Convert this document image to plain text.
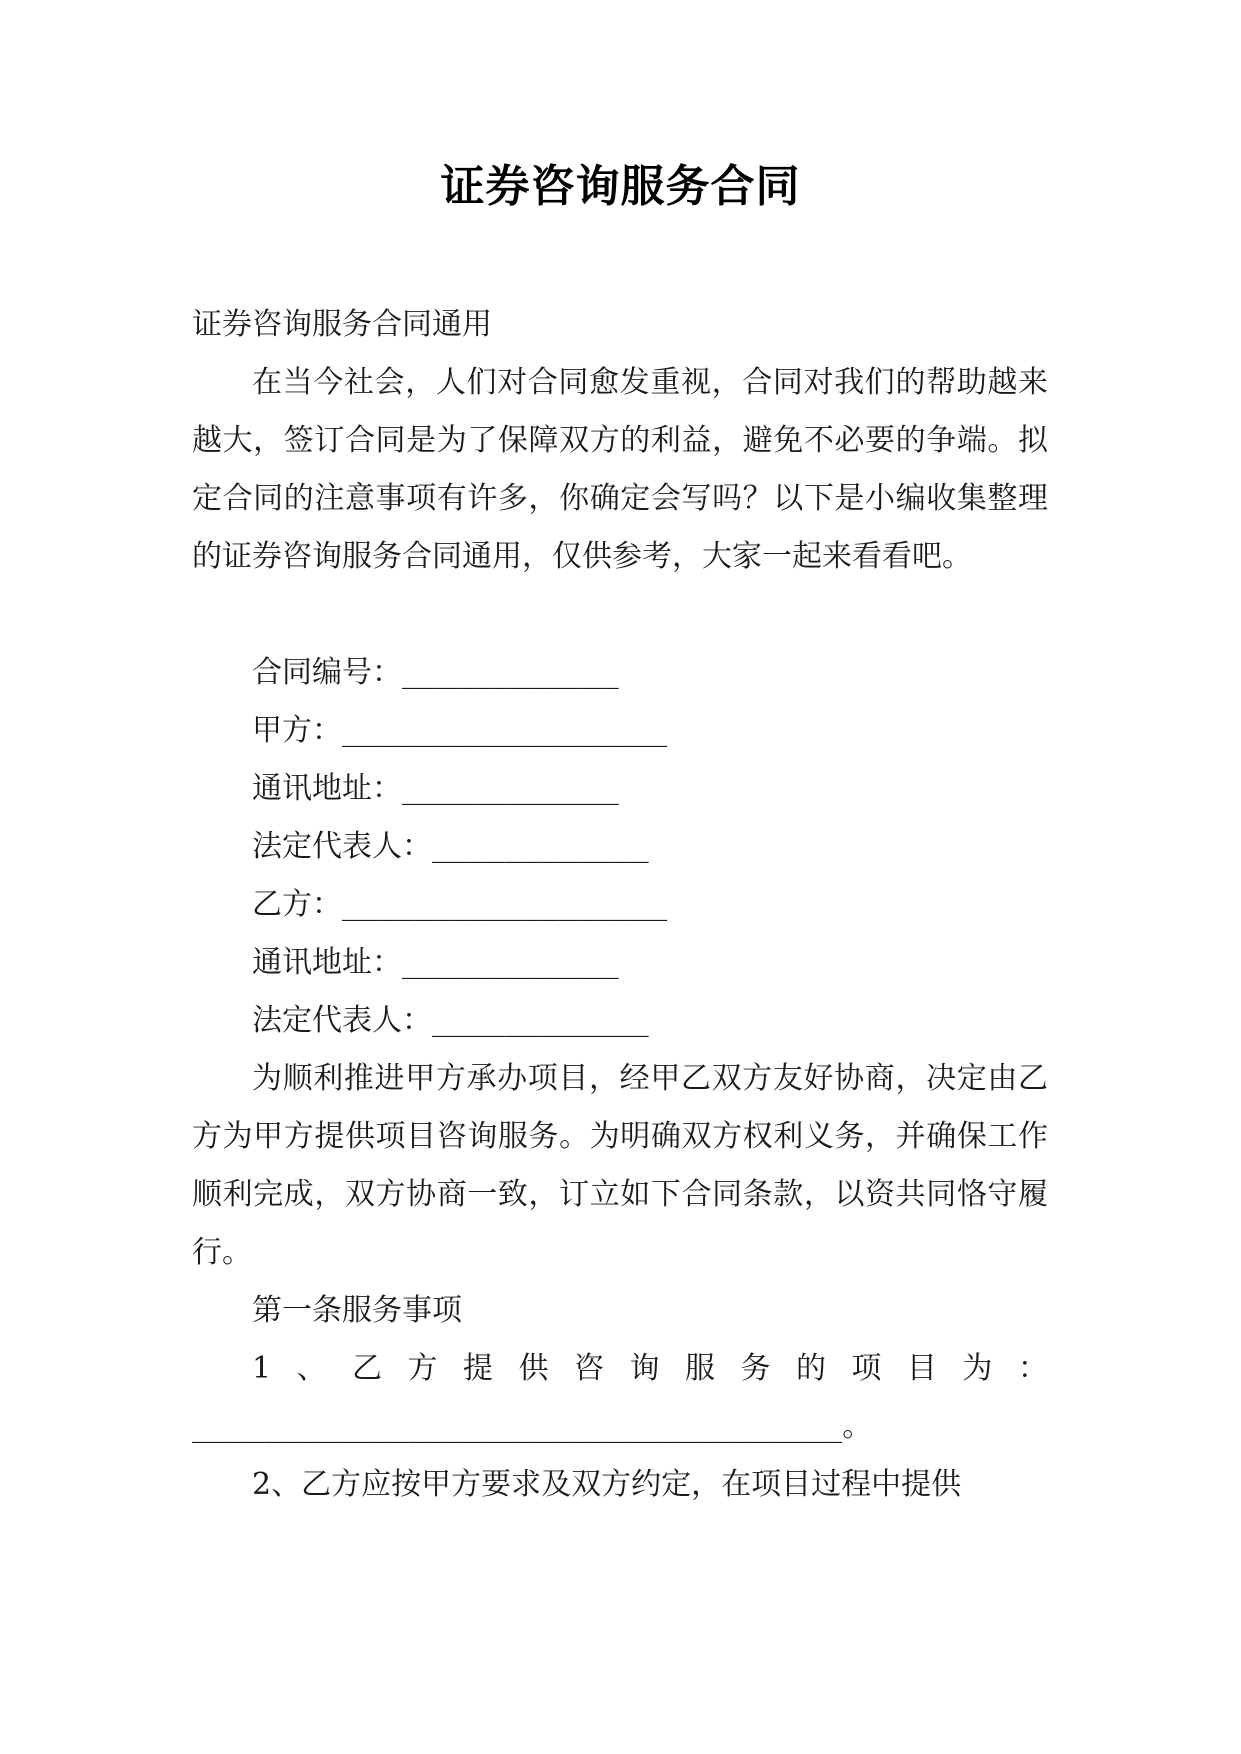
证券咨询服务合同

证券咨询服务合同通用

在当今社会，人们对合同愈发重视，合同对我们的帮助越来越大，签订合同是为了保障双方的利益，避免不必要的争端。拟定合同的注意事项有许多，你确定会写吗？以下是小编收集整理的证券咨询服务合同通用，仅供参考，大家一起来看看吧。

合同编号：____________

甲方：__________________

通讯地址：____________

法定代表人：____________

乙方：__________________

通讯地址：____________

法定代表人：____________

为顺利推进甲方承办项目，经甲乙双方友好协商，决定由乙方为甲方提供项目咨询服务。为明确双方权利义务，并确保工作顺利完成，双方协商一致，订立如下合同条款，以资共同恪守履行。

第一条服务事项

1 、 乙 方 提 供 咨 询 服 务 的 项 目 为 ：

____________________________________。

2、乙方应按甲方要求及双方约定，在项目过程中提供
